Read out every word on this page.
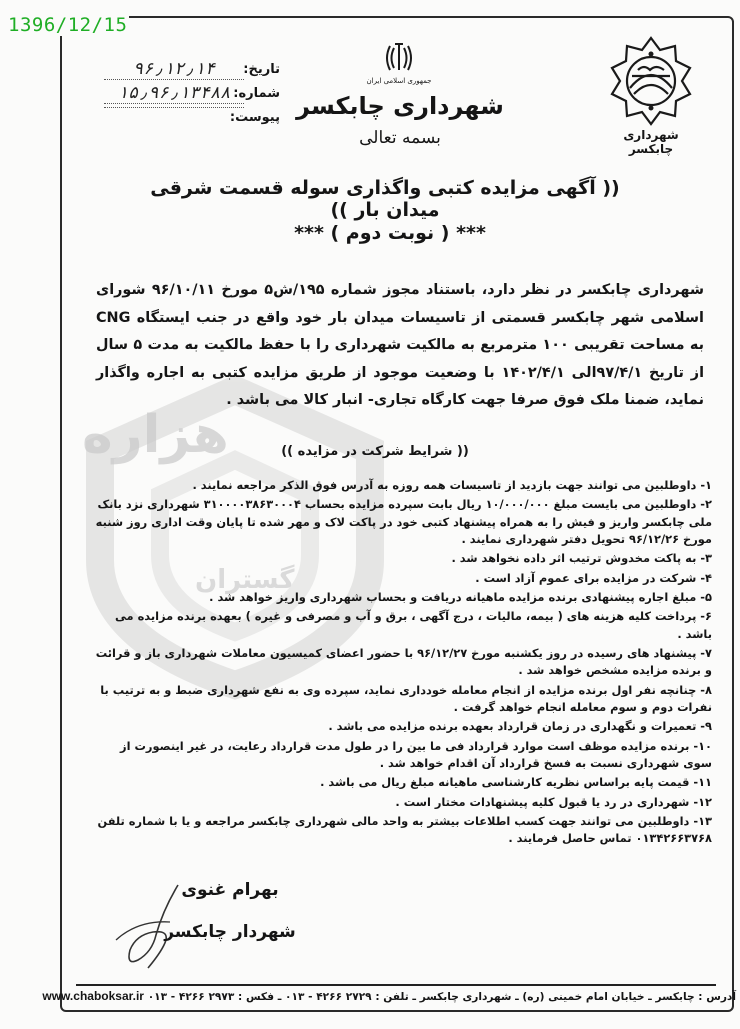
هزاره
گستران
1396/12/15
شهرداری چابکسر
جمهوری اسلامی ایران
شهرداری چابکسر
بسمه تعالی
تاریخ:
۹۶٫۱۲٫۱۴
شماره:
۱۵٫۹۶٫۱۳۴۸۸
پیوست:
(( آگهی مزایده کتبی واگذاری سوله قسمت شرقی میدان بار ))
*** ( نوبت دوم ) ***
شهرداری چابکسر در نظر دارد، باستناد مجوز شماره ۱۹۵/ش۵ مورخ ۹۶/۱۰/۱۱ شورای اسلامی شهر چابکسر قسمتی از تاسیسات میدان بار خود واقع در جنب ایستگاه CNG به مساحت تقریبی ۱۰۰ مترمربع به مالکیت شهرداری را با حفظ مالکیت به مدت ۵ سال از تاریخ ۹۷/۴/۱الی ۱۴۰۲/۴/۱ با وضعیت موجود از طریق مزایده کتبی به اجاره واگذار نماید، ضمنا ملک فوق صرفا جهت کارگاه تجاری- انبار کالا می باشد .
(( شرایط شرکت در مزایده ))

۱- داوطلبین می توانند جهت بازدید از تاسیسات همه روزه به آدرس فوق الذکر مراجعه نمایند .

۲- داوطلبین می بایست مبلغ ۱۰/۰۰۰/۰۰۰ ریال بابت سپرده مزایده بحساب ۳۱۰۰۰۰۳۸۶۳۰۰۰۴ شهرداری نزد بانک ملی چابکسر واریز و فیش را به همراه پیشنهاد کتبی خود در پاکت لاک و مهر شده تا پایان وقت اداری روز شنبه مورخ ۹۶/۱۲/۲۶ تحویل دفتر شهرداری نمایند .

۳- به پاکت مخدوش ترتیب اثر داده نخواهد شد .

۴- شرکت در مزایده برای عموم آزاد است .

۵- مبلغ اجاره پیشنهادی برنده مزایده ماهیانه دریافت و بحساب شهرداری واریز خواهد شد .

۶- پرداخت کلیه هزینه های ( بیمه، مالیات ، درج آگهی ، برق و آب و مصرفی و غیره ) بعهده برنده مزایده می باشد .

۷- پیشنهاد های رسیده در روز یکشنبه مورخ ۹۶/۱۲/۲۷ با حضور اعضای کمیسیون معاملات شهرداری باز و قرائت و برنده مزایده مشخص خواهد شد .

۸- چنانچه نفر اول برنده مزایده از انجام معامله خودداری نماید، سپرده وی به نفع شهرداری ضبط و به ترتیب با نفرات دوم و سوم معامله انجام خواهد گرفت .

۹- تعمیرات و نگهداری در زمان قرارداد بعهده برنده مزایده می باشد .

۱۰- برنده مزایده موظف است موارد قرارداد فی ما بین را در طول مدت قرارداد رعایت، در غیر اینصورت از سوی شهرداری نسبت به فسخ قرارداد آن اقدام خواهد شد .

۱۱- قیمت پایه براساس نظریه کارشناسی ماهیانه مبلغ ریال می باشد .

۱۲- شهرداری در رد یا قبول کلیه پیشنهادات مختار است .

۱۳- داوطلبین می توانند جهت کسب اطلاعات بیشتر به واحد مالی شهرداری چابکسر مراجعه و یا با شماره تلفن ۰۱۳۴۲۶۶۳۷۶۸ تماس حاصل فرمایند .

بهرام غنوی
شهردار چابکسر
آدرس : چابکسر ـ خیابان امام خمینی (ره) ـ شهرداری چابکسر ـ تلفن : ۲۷۲۹ ۴۲۶۶ - ۰۱۳ ـ فکس : ۲۹۷۳ ۴۲۶۶ - ۰۱۳ www.chaboksar.ir
